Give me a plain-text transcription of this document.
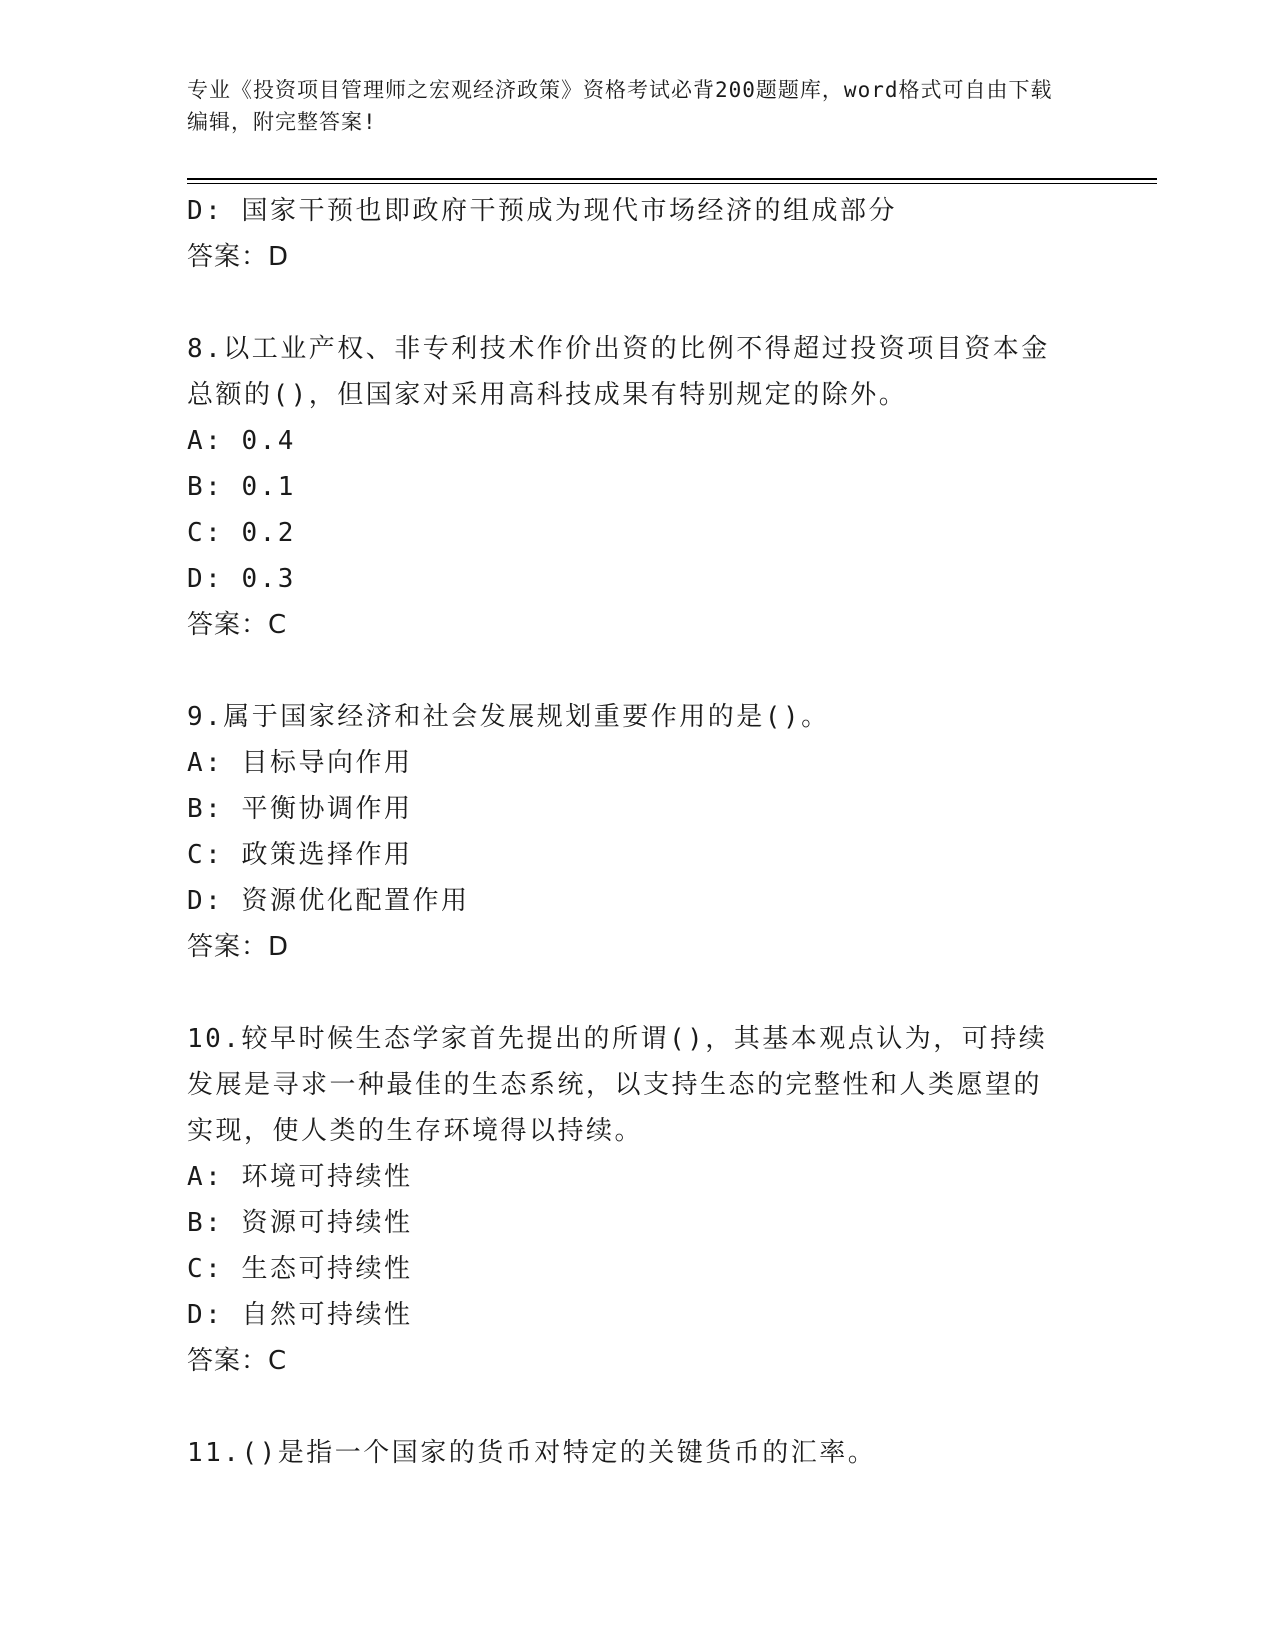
专业《投资项目管理师之宏观经济政策》资格考试必背200题题库，word格式可自由下载编辑，附完整答案!
D: 国家干预也即政府干预成为现代市场经济的组成部分
答案：D
8.以工业产权、非专利技术作价出资的比例不得超过投资项目资本金总额的()，但国家对采用高科技成果有特别规定的除外。
A: 0.4
B: 0.1
C: 0.2
D: 0.3
答案：C
9.属于国家经济和社会发展规划重要作用的是()。
A: 目标导向作用
B: 平衡协调作用
C: 政策选择作用
D: 资源优化配置作用
答案：D
10.较早时候生态学家首先提出的所谓()，其基本观点认为，可持续发展是寻求一种最佳的生态系统，以支持生态的完整性和人类愿望的实现，使人类的生存环境得以持续。
A: 环境可持续性
B: 资源可持续性
C: 生态可持续性
D: 自然可持续性
答案：C
11.()是指一个国家的货币对特定的关键货币的汇率。
